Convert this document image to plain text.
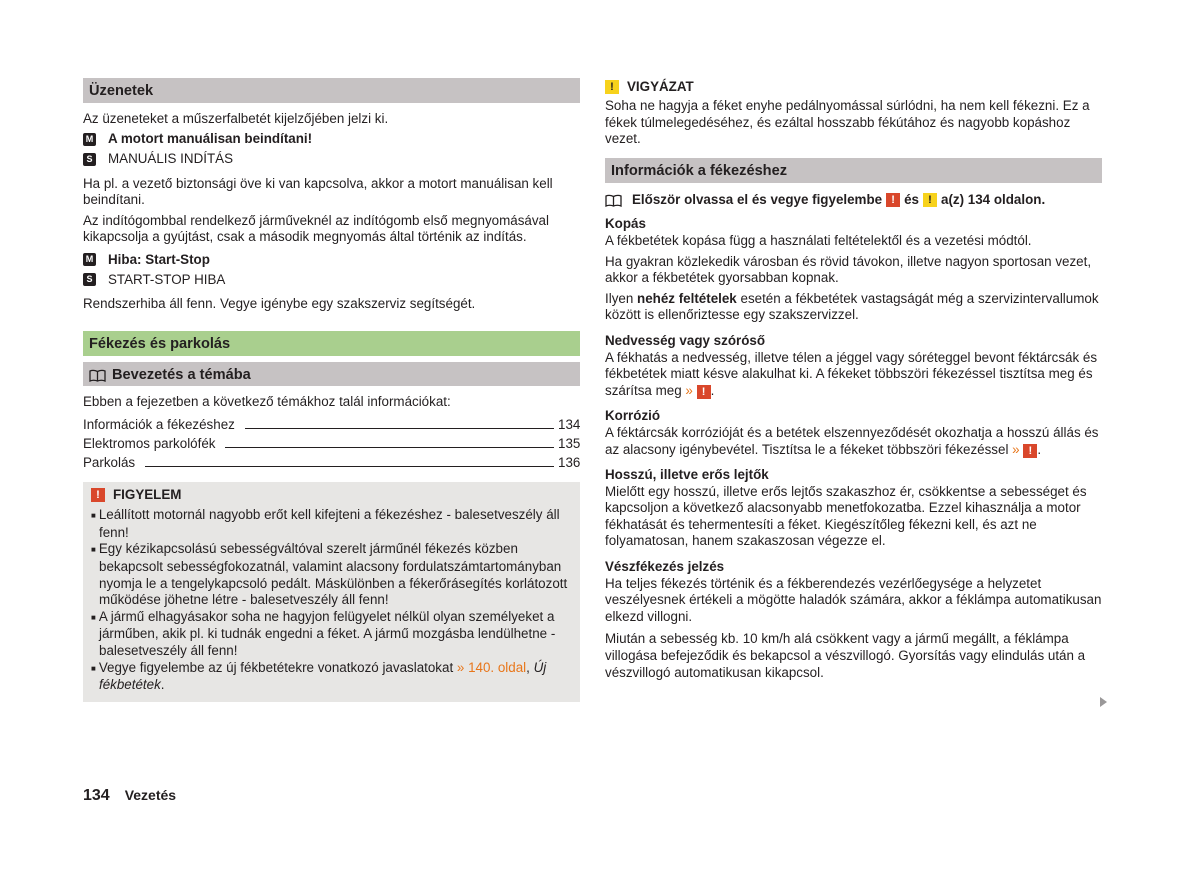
Üzenetek

Az üzeneteket a műszerfalbetét kijelzőjében jelzi ki.

M A motort manuálisan beindítani!
S MANUÁLIS INDÍTÁS

Ha pl. a vezető biztonsági öve ki van kapcsolva, akkor a motort manuálisan kell beindítani.

Az indítógombbal rendelkező járműveknél az indítógomb első megnyomásával kikapcsolja a gyújtást, csak a második megnyomás által történik az indítás.

M Hiba: Start-Stop
S START-STOP HIBA

Rendszerhiba áll fenn. Vegye igénybe egy szakszerviz segítségét.

Fékezés és parkolás
Bevezetés a témába

Ebben a fejezetben a következő témákhoz talál információkat:

Információk a fékezéshez	134
Elektromos parkolófék	135
Parkolás	136
! FIGYELEM

■ Leállított motornál nagyobb erőt kell kifejteni a fékezéshez - balesetveszély áll fenn!

■ Egy kézikapcsolású sebességváltóval szerelt járműnél fékezés közben bekapcsolt sebességfokozatnál, valamint alacsony fordulatszámtartományban nyomja le a tengelykapcsoló pedált. Máskülönben a fékerőrásegítés korlátozott működése jöhetne létre - balesetveszély áll fenn!

■ A jármű elhagyásakor soha ne hagyjon felügyelet nélkül olyan személyeket a járműben, akik pl. ki tudnák engedni a féket. A jármű mozgásba lendülhetne - balesetveszély áll fenn!

■ Vegye figyelembe az új fékbetétekre vonatkozó javaslatokat » 140. oldal, Új fékbetétek.

! VIGYÁZAT

Soha ne hagyja a féket enyhe pedálnyomással súrlódni, ha nem kell fékezni. Ez a fékek túlmelegedéséhez, és ezáltal hosszabb fékútához és nagyobb kopáshoz vezet.

Információk a fékezéshez
Először olvassa el és vegye figyelembe ! és ! a(z) 134 oldalon.

Kopás

A fékbetétek kopása függ a használati feltételektől és a vezetési módtól.

Ha gyakran közlekedik városban és rövid távokon, illetve nagyon sportosan vezet, akkor a fékbetétek gyorsabban kopnak.

Ilyen nehéz feltételek esetén a fékbetétek vastagságát még a szervizintervallumok között is ellenőriztesse egy szakszervizzel.

Nedvesség vagy szóróső

A fékhatás a nedvesség, illetve télen a jéggel vagy sóréteggel bevont féktárcsák és fékbetétek miatt késve alakulhat ki. A fékeket többszöri fékezéssel tisztítsa meg és szárítsa meg » ! .

Korrózió

A féktárcsák korrózióját és a betétek elszennyeződését okozhatja a hosszú állás és az alacsony igénybevétel. Tisztítsa le a fékeket többszöri fékezéssel » ! .

Hosszú, illetve erős lejtők

Mielőtt egy hosszú, illetve erős lejtős szakaszhoz ér, csökkentse a sebességet és kapcsoljon a következő alacsonyabb menetfokozatba. Ezzel kihasználja a motor fékhatását és tehermentesíti a féket. Kiegészítőleg fékezni kell, és azt ne folyamatosan, hanem szakaszosan végezze el.

Vészfékezés jelzés

Ha teljes fékezés történik és a fékberendezés vezérlőegysége a helyzetet veszélyesnek értékeli a mögötte haladók számára, akkor a féklámpa automatikusan elkezd villogni.

Miután a sebesség kb. 10 km/h alá csökkent vagy a jármű megállt, a féklámpa villogása befejeződik és bekapcsol a vészvillogó. Gyorsítás vagy elindulás után a vészvillogó automatikusan kikapcsol.

134 Vezetés
